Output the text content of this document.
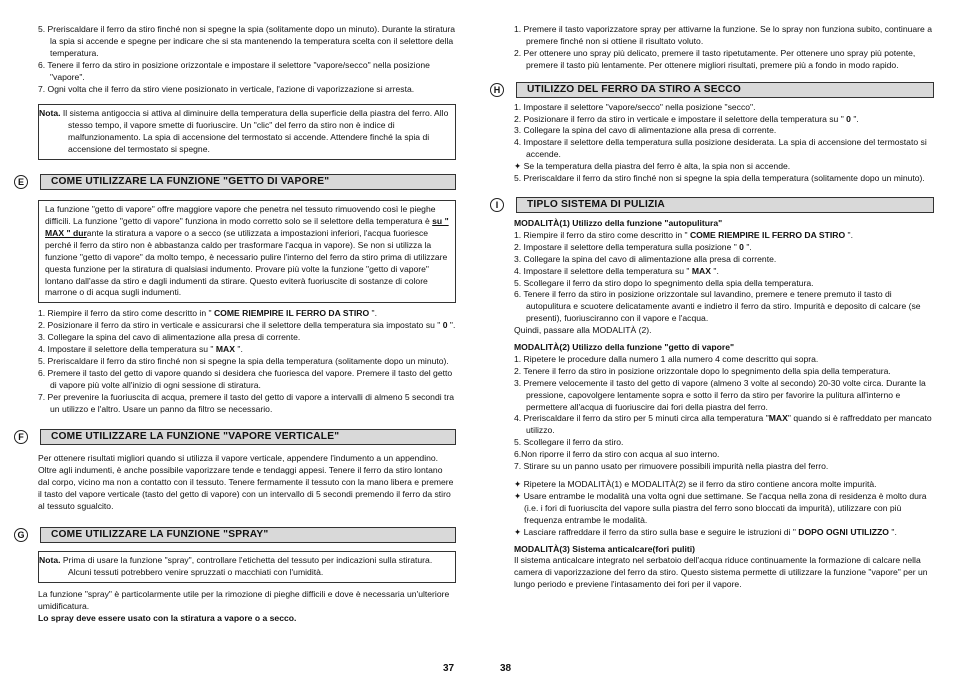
5. Preriscaldare il ferro da stiro finché non si spegne la spia (solitamente dopo un minuto). Durante la stiratura la spia si accende e spegne per indicare che si sta mantenendo la temperatura scelta con il selettore della temperatura.
6. Tenere il ferro da stiro in posizione orizzontale e impostare il selettore "vapore/secco" nella posizione "vapore".
7. Ogni volta che il ferro da stiro viene posizionato in verticale, l'azione di vaporizzazione si arresta.
Nota. Il sistema antigoccia si attiva al diminuire della temperatura della superficie della piastra del ferro. Allo stesso tempo, il vapore smette di fuoriuscire. Un "clic" del ferro da stiro non è indice di malfunzionamento. La spia di accensione del termostato si accende. Attendere finché la spia di accensione del termostato si spegne.
E	COME UTILIZZARE LA FUNZIONE "GETTO DI VAPORE"
La funzione "getto di vapore" offre maggiore vapore che penetra nel tessuto rimuovendo così le pieghe difficili. La funzione "getto di vapore" funziona in modo corretto solo se il selettore della temperatura è su " MAX " durante la stiratura a vapore o a secco (se utilizzata a impostazioni inferiori, l'acqua fuoriesce perché il ferro da stiro non è abbastanza caldo per trasformare l'acqua in vapore). Se non si utilizza la funzione "getto di vapore" da molto tempo, è necessario pulire l'interno del ferro da stiro prima di utilizzare questa funzione per la stiratura di qualsiasi indumento. Provare più volte la funzione "getto di vapore" lontano dall'asse da stiro e dagli indumenti da stirare. Questo eviterà fuoriuscite di sostanze di colore marrone o di acqua sugli indumenti.
1. Riempire il ferro da stiro come descritto in " COME RIEMPIRE IL FERRO DA STIRO ".
2. Posizionare il ferro da stiro in verticale e assicurarsi che il selettore della temperatura sia impostato su " 0 ".
3. Collegare la spina del cavo di alimentazione alla presa di corrente.
4. Impostare il selettore della temperatura su " MAX ".
5. Preriscaldare il ferro da stiro finché non si spegne la spia della temperatura (solitamente dopo un minuto).
6. Premere il tasto del getto di vapore quando si desidera che fuoriesca del vapore. Premere il tasto del getto di vapore più volte all'inizio di ogni sessione di stiratura.
7. Per prevenire la fuoriuscita di acqua, premere il tasto del getto di vapore a intervalli di almeno 5 secondi tra un utilizzo e l'altro. Usare un panno da filtro se necessario.
F	COME UTILIZZARE LA FUNZIONE "VAPORE VERTICALE"
Per ottenere risultati migliori quando si utilizza il vapore verticale, appendere l'indumento a un appendino. Oltre agli indumenti, è anche possibile vaporizzare tende e tendaggi appesi. Tenere il ferro da stiro lontano dal corpo, vicino ma non a contatto con il tessuto. Tenere fermamente il tessuto con la mano libera e premere il tasto del vapore verticale (tasto del getto di vapore) con un intervallo di 5 secondi premendo il ferro da stiro al tessuto sgualcito.
G	COME UTILIZZARE LA FUNZIONE "SPRAY"
Nota. Prima di usare la funzione "spray", controllare l'etichetta del tessuto per indicazioni sulla stiratura. Alcuni tessuti potrebbero venire spruzzati o macchiati con l'umidità.
La funzione "spray" è particolarmente utile per la rimozione di pieghe difficili e dove è necessaria un'ulteriore umidificatura.
Lo spray deve essere usato con la stiratura a vapore o a secco.
1. Premere il tasto vaporizzatore spray per attivarne la funzione. Se lo spray non funziona subito, continuare a premere finché non si ottiene il risultato voluto.
2. Per ottenere uno spray più delicato, premere il tasto ripetutamente. Per ottenere uno spray più potente, premere il tasto più lentamente. Per ottenere migliori risultati, premere più a fondo in modo rapido.
H	UTILIZZO DEL FERRO DA STIRO A SECCO
1. Impostare il selettore "vapore/secco" nella posizione "secco".
2. Posizionare il ferro da stiro in verticale e impostare il selettore della temperatura su " 0 ".
3. Collegare la spina del cavo di alimentazione alla presa di corrente.
4. Impostare il selettore della temperatura sulla posizione desiderata. La spia di accensione del termostato si accende.
✦ Se la temperatura della piastra del ferro è alta, la spia non si accende.
5. Preriscaldare il ferro da stiro finché non si spegne la spia della temperatura (solitamente dopo un minuto).
I	TIPLO SISTEMA DI PULIZIA
MODALITÀ(1) Utilizzo della funzione "autopulitura"
1. Riempire il ferro da stiro come descritto in " COME RIEMPIRE IL FERRO DA STIRO ".
2. Impostare il selettore della temperatura sulla posizione " 0 ".
3. Collegare la spina del cavo di alimentazione alla presa di corrente.
4. Impostare il selettore della temperatura su " MAX ".
5. Scollegare il ferro da stiro dopo lo spegnimento della spia della temperatura.
6. Tenere il ferro da stiro in posizione orizzontale sul lavandino, premere e tenere premuto il tasto di autopulitura e scuotere delicatamente avanti e indietro il ferro da stiro. Impurità e deposito di calcare (se presenti), fuoriusciranno con il vapore e l'acqua.
Quindi, passare alla MODALITÀ (2).
MODALITÀ(2) Utilizzo della funzione "getto di vapore"
1. Ripetere le procedure dalla numero 1 alla numero 4 come descritto qui sopra.
2. Tenere il ferro da stiro in posizione orizzontale dopo lo spegnimento della spia della temperatura.
3. Premere velocemente il tasto del getto di vapore (almeno 3 volte al secondo) 20-30 volte circa. Durante la pressione, capovolgere lentamente sopra e sotto il ferro da stiro per favorire la pulitura all'interno e permettere all'acqua di fuoriuscire dai fori della piastra del ferro.
4. Preriscaldare il ferro da stiro per 5 minuti circa alla temperatura "MAX" quando si è raffreddato per mancato utilizzo.
5. Scollegare il ferro da stiro.
6.Non riporre il ferro da stiro con acqua al suo interno.
7. Stirare su un panno usato per rimuovere possibili impurità nella piastra del ferro.
✦ Ripetere la MODALITÀ(1) e MODALITÀ(2) se il ferro da stiro contiene ancora molte impurità.
✦ Usare entrambe le modalità una volta ogni due settimane. Se l'acqua nella zona di residenza è molto dura (i.e. i fori di fuoriuscita del vapore sulla piastra del ferro sono bloccati da impurità), utilizzare con più frequenza entrambe le modalità.
✦ Lasciare raffreddare il ferro da stiro sulla base e seguire le istruzioni di " DOPO OGNI UTILIZZO ".
MODALITÀ(3) Sistema anticalcare(fori puliti)
Il sistema anticalcare integrato nel serbatoio dell'acqua riduce continuamente la formazione di calcare nella camera di vaporizzazione del ferro da stiro. Questo sistema permette di utilizzare la funzione "vapore" per un lungo periodo e previene l'intasamento dei fori per il vapore.
37	38
